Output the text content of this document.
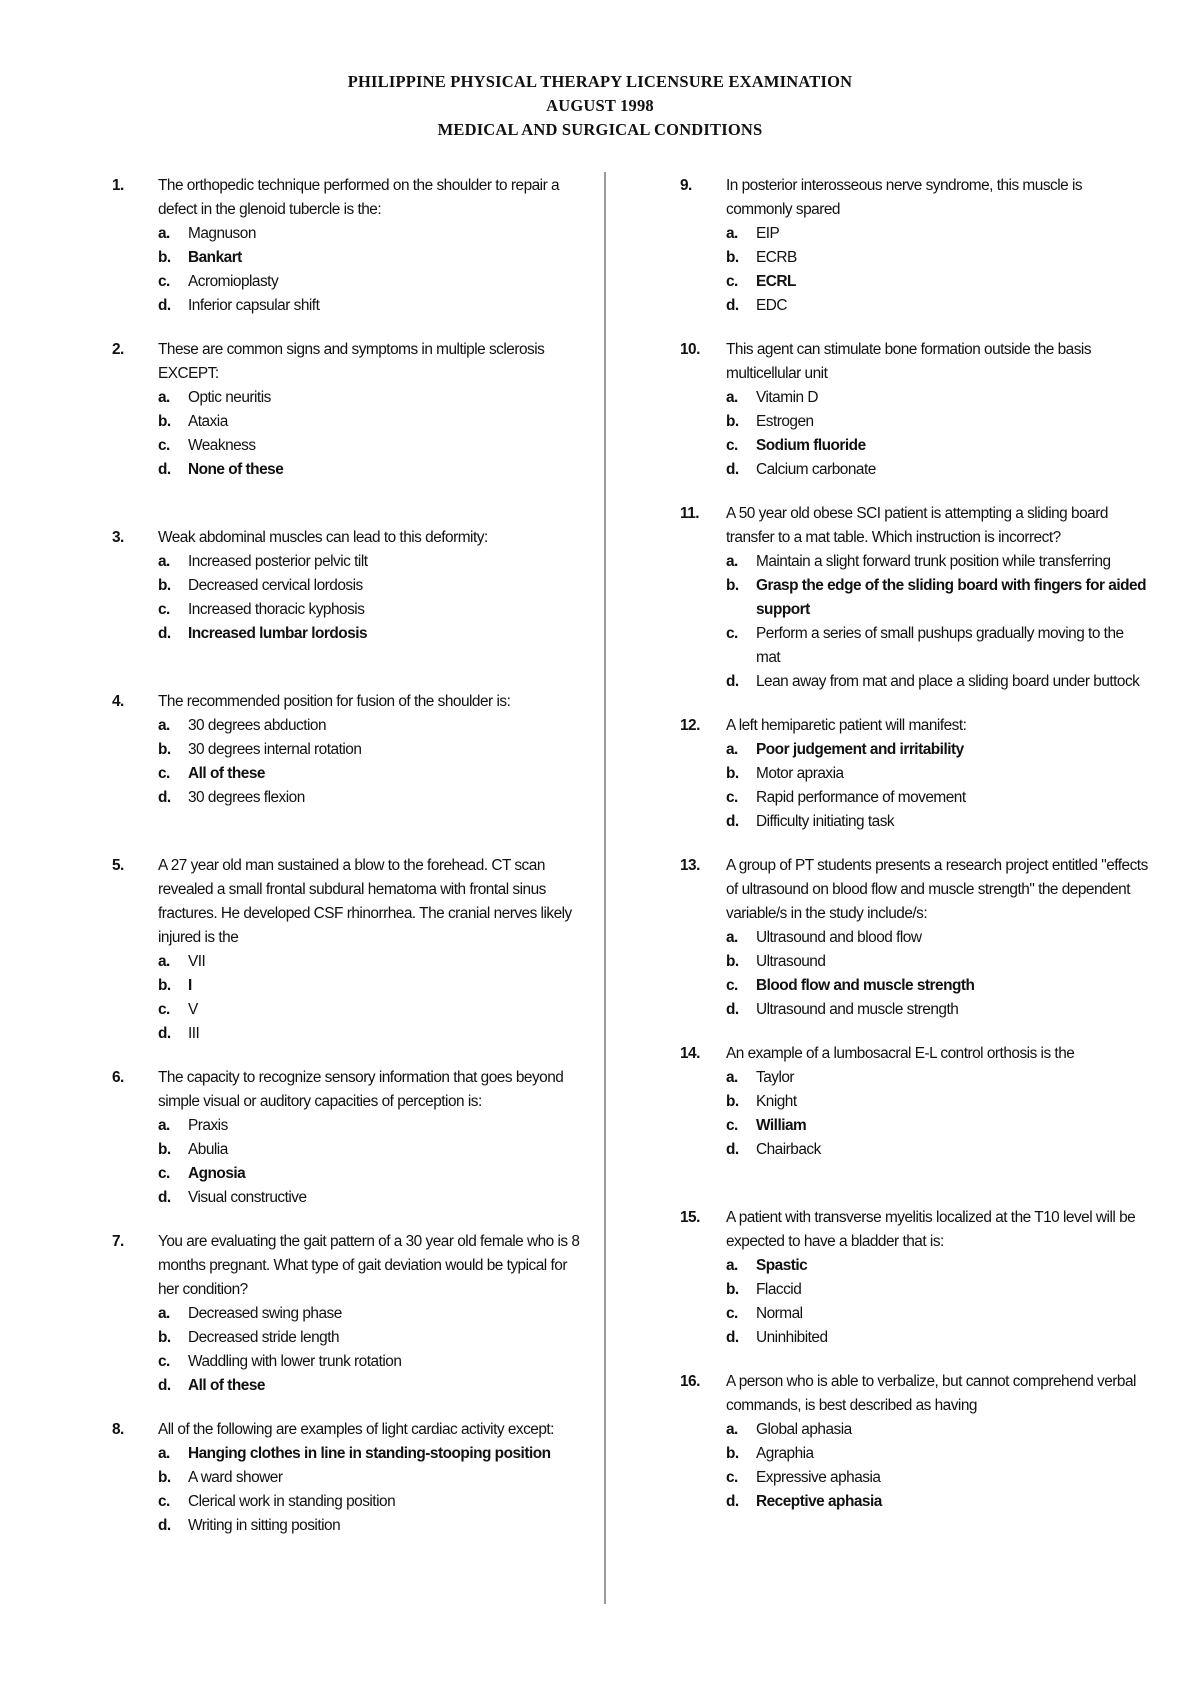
PHILIPPINE PHYSICAL THERAPY LICENSURE EXAMINATION
AUGUST 1998
MEDICAL AND SURGICAL CONDITIONS
1. The orthopedic technique performed on the shoulder to repair a defect in the glenoid tubercle is the:
a. Magnuson
b. Bankart
c. Acromioplasty
d. Inferior capsular shift
2. These are common signs and symptoms in multiple sclerosis EXCEPT:
a. Optic neuritis
b. Ataxia
c. Weakness
d. None of these
3. Weak abdominal muscles can lead to this deformity:
a. Increased posterior pelvic tilt
b. Decreased cervical lordosis
c. Increased thoracic kyphosis
d. Increased lumbar lordosis
4. The recommended position for fusion of the shoulder is:
a. 30 degrees abduction
b. 30 degrees internal rotation
c. All of these
d. 30 degrees flexion
5. A 27 year old man sustained a blow to the forehead. CT scan revealed a small frontal subdural hematoma with frontal sinus fractures. He developed CSF rhinorrhea. The cranial nerves likely injured is the
a. VII
b. I
c. V
d. III
6. The capacity to recognize sensory information that goes beyond simple visual or auditory capacities of perception is:
a. Praxis
b. Abulia
c. Agnosia
d. Visual constructive
7. You are evaluating the gait pattern of a 30 year old female who is 8 months pregnant. What type of gait deviation would be typical for her condition?
a. Decreased swing phase
b. Decreased stride length
c. Waddling with lower trunk rotation
d. All of these
8. All of the following are examples of light cardiac activity except:
a. Hanging clothes in line in standing-stooping position
b. A ward shower
c. Clerical work in standing position
d. Writing in sitting position
9. In posterior interosseous nerve syndrome, this muscle is commonly spared
a. EIP
b. ECRB
c. ECRL
d. EDC
10. This agent can stimulate bone formation outside the basis multicellular unit
a. Vitamin D
b. Estrogen
c. Sodium fluoride
d. Calcium carbonate
11. A 50 year old obese SCI patient is attempting a sliding board transfer to a mat table. Which instruction is incorrect?
a. Maintain a slight forward trunk position while transferring
b. Grasp the edge of the sliding board with fingers for aided support
c. Perform a series of small pushups gradually moving to the mat
d. Lean away from mat and place a sliding board under buttock
12. A left hemiparetic patient will manifest:
a. Poor judgement and irritability
b. Motor apraxia
c. Rapid performance of movement
d. Difficulty initiating task
13. A group of PT students presents a research project entitled "effects of ultrasound on blood flow and muscle strength" the dependent variable/s in the study include/s:
a. Ultrasound and blood flow
b. Ultrasound
c. Blood flow and muscle strength
d. Ultrasound and muscle strength
14. An example of a lumbosacral E-L control orthosis is the
a. Taylor
b. Knight
c. William
d. Chairback
15. A patient with transverse myelitis localized at the T10 level will be expected to have a bladder that is:
a. Spastic
b. Flaccid
c. Normal
d. Uninhibited
16. A person who is able to verbalize, but cannot comprehend verbal commands, is best described as having
a. Global aphasia
b. Agraphia
c. Expressive aphasia
d. Receptive aphasia
